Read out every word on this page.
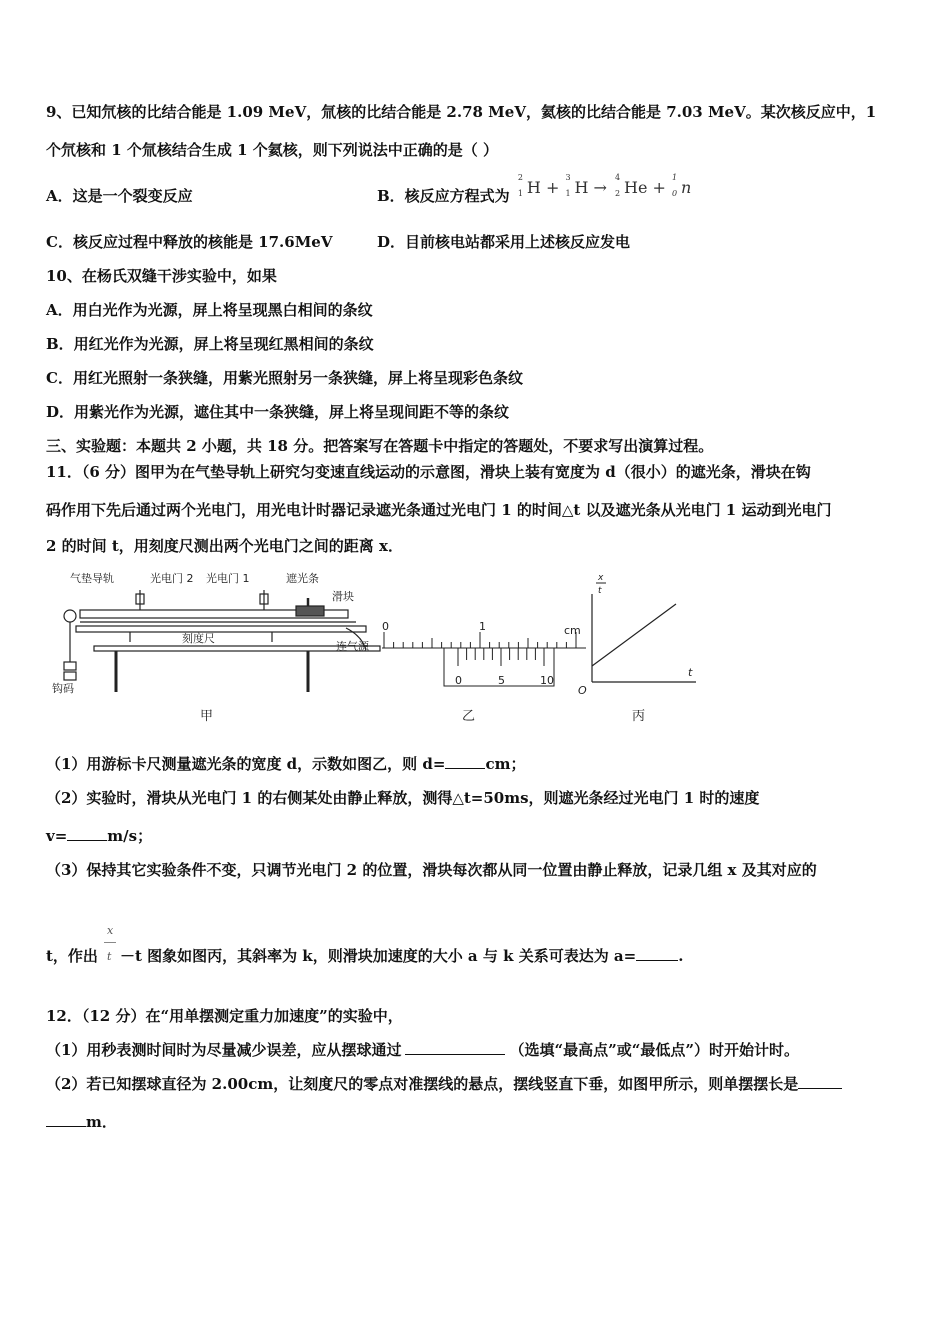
9、已知氘核的比结合能是 1.09 MeV，氚核的比结合能是 2.78 MeV，氦核的比结合能是 7.03 MeV。某次核反应中，1
个氘核和 1 个氚核结合生成 1 个氦核，则下列说法中正确的是（ ）
A．这是一个裂变反应	B．核反应方程式为
2
1 H +
3
1 H →
4
2 He +
1
0 n
C．核反应过程中释放的核能是 17.6MeV	D．目前核电站都采用上述核反应发电
10、在杨氏双缝干涉实验中，如果
A．用白光作为光源，屏上将呈现黑白相间的条纹
B．用红光作为光源，屏上将呈现红黑相间的条纹
C．用红光照射一条狭缝，用紫光照射另一条狭缝，屏上将呈现彩色条纹
D．用紫光作为光源，遮住其中一条狭缝，屏上将呈现间距不等的条纹
三、实验题：本题共 2 小题，共 18 分。把答案写在答题卡中指定的答题处，不要求写出演算过程。
11．（6 分）图甲为在气垫导轨上研究匀变速直线运动的示意图，滑块上装有宽度为 d（很小）的遮光条，滑块在钩
码作用下先后通过两个光电门，用光电计时器记录遮光条通过光电门 1 的时间△t 以及遮光条从光电门 1 运动到光电门
2 的时间 t，用刻度尺测出两个光电门之间的距离 x．
气垫导轨	光电门 2 光电门 1	遮光条
滑块
刻度尺
连气源
钩码
甲
0	1	cm
0	5	10
乙
O
t
x
t
丙
（1）用游标卡尺测量遮光条的宽度 d，示数如图乙，则 d=	cm；
（2）实验时，滑块从光电门 1 的右侧某处由静止释放，测得△t=50ms，则遮光条经过光电门 1 时的速度
v=	m/s；
（3）保持其它实验条件不变，只调节光电门 2 的位置，滑块每次都从同一位置由静止释放，记录几组 x 及其对应的
x
t
t，作出 －t 图象如图丙，其斜率为 k，则滑块加速度的大小 a 与 k 关系可表达为 a=	.
12．（12 分）在“用单摆测定重力加速度”的实验中，
（1）用秒表测时间时为尽量减少误差，应从摆球通过	（选填“最高点”或“最低点”）时开始计时。
（2）若已知摆球直径为 2.00cm，让刻度尺的零点对准摆线的悬点，摆线竖直下垂，如图甲所示，则单摆摆长是
m．
